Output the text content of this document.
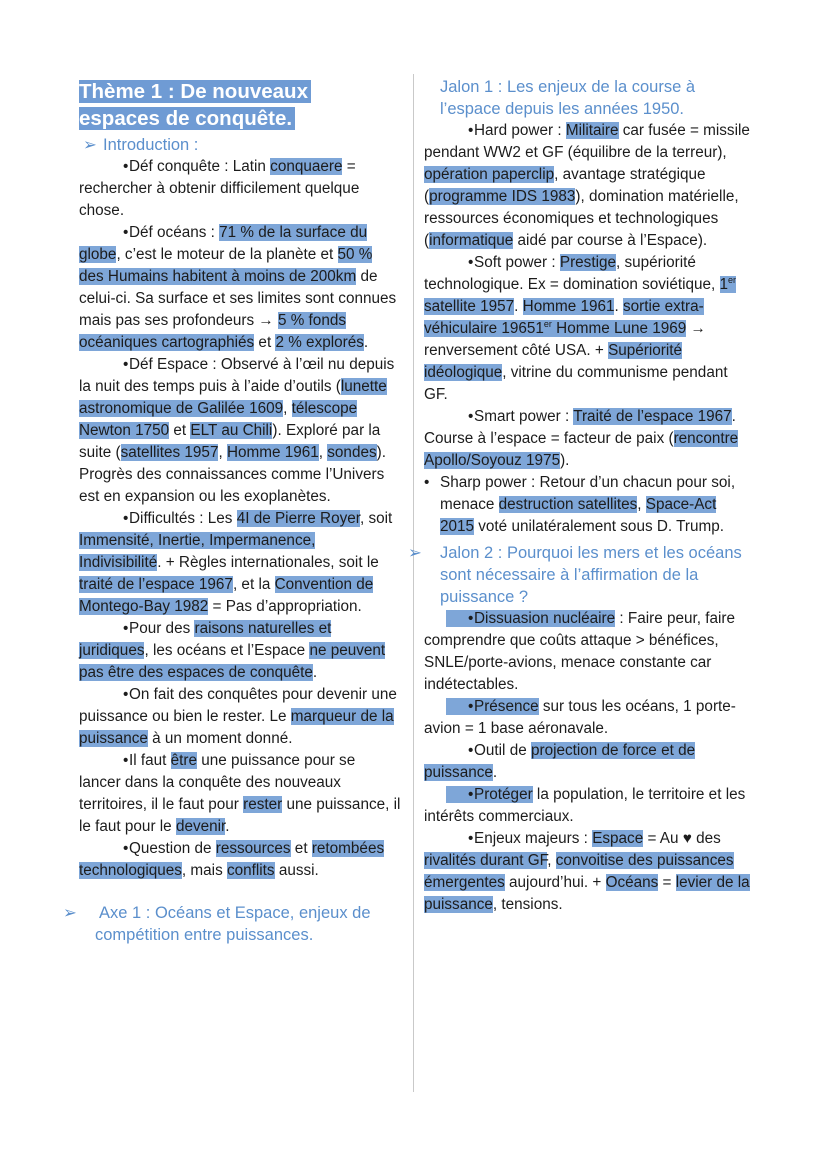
Thème 1 : De nouveaux
espaces de conquête.
➢ Introduction :

•Déf conquête : Latin conquaere = rechercher à obtenir difficilement quelque chose.

•Déf océans : 71 % de la surface du globe, c’est le moteur de la planète et 50 % des Humains habitent à moins de 200km de celui-ci. Sa surface et ses limites sont connues mais pas ses profondeurs → 5 % fonds océaniques cartographiés et 2 % explorés.

•Déf Espace : Observé à l’œil nu depuis la nuit des temps puis à l’aide d’outils (lunette astronomique de Galilée 1609, télescope Newton 1750 et ELT au Chili). Exploré par la suite (satellites 1957, Homme 1961, sondes). Progrès des connaissances comme l’Univers est en expansion ou les exoplanètes.

•Difficultés : Les 4I de Pierre Royer, soit Immensité, Inertie, Impermanence, Indivisibilité. + Règles internationales, soit le traité de l’espace 1967, et la Convention de Montego-Bay 1982 = Pas d’appropriation.

•Pour des raisons naturelles et juridiques, les océans et l’Espace ne peuvent pas être des espaces de conquête.

•On fait des conquêtes pour devenir une puissance ou bien le rester. Le marqueur de la puissance à un moment donné.

•Il faut être une puissance pour se lancer dans la conquête des nouveaux territoires, il le faut pour rester une puissance, il le faut pour le devenir.

•Question de ressources et retombées technologiques, mais conflits aussi.

➢ Axe 1 : Océans et Espace, enjeux de compétition entre puissances.
Jalon 1 : Les enjeux de la course à l’espace depuis les années 1950.

•Hard power : Militaire car fusée = missile pendant WW2 et GF (équilibre de la terreur), opération paperclip, avantage stratégique (programme IDS 1983), domination matérielle, ressources économiques et technologiques (informatique aidé par course à l’Espace).

•Soft power : Prestige, supériorité technologique. Ex = domination soviétique, 1er satellite 1957. Homme 1961. sortie extra-véhiculaire 19651er Homme Lune 1969 → renversement côté USA. + Supériorité idéologique, vitrine du communisme pendant GF.

•Smart power : Traité de l’espace 1967. Course à l’espace = facteur de paix (rencontre Apollo/Soyouz 1975).

• Sharp power : Retour d’un chacun pour soi, menace destruction satellites, Space-Act 2015 voté unilatéralement sous D. Trump.

➢ Jalon 2 : Pourquoi les mers et les océans sont nécessaire à l’affirmation de la puissance ?

•Dissuasion nucléaire : Faire peur, faire comprendre que coûts attaque > bénéfices, SNLE/porte-avions, menace constante car indétectables.

•Présence sur tous les océans, 1 porte-avion = 1 base aéronavale.

•Outil de projection de force et de puissance.

•Protéger la population, le territoire et les intérêts commerciaux.

•Enjeux majeurs : Espace = Au ♥ des rivalités durant GF, convoitise des puissances émergentes aujourd’hui. + Océans = levier de la puissance, tensions.
